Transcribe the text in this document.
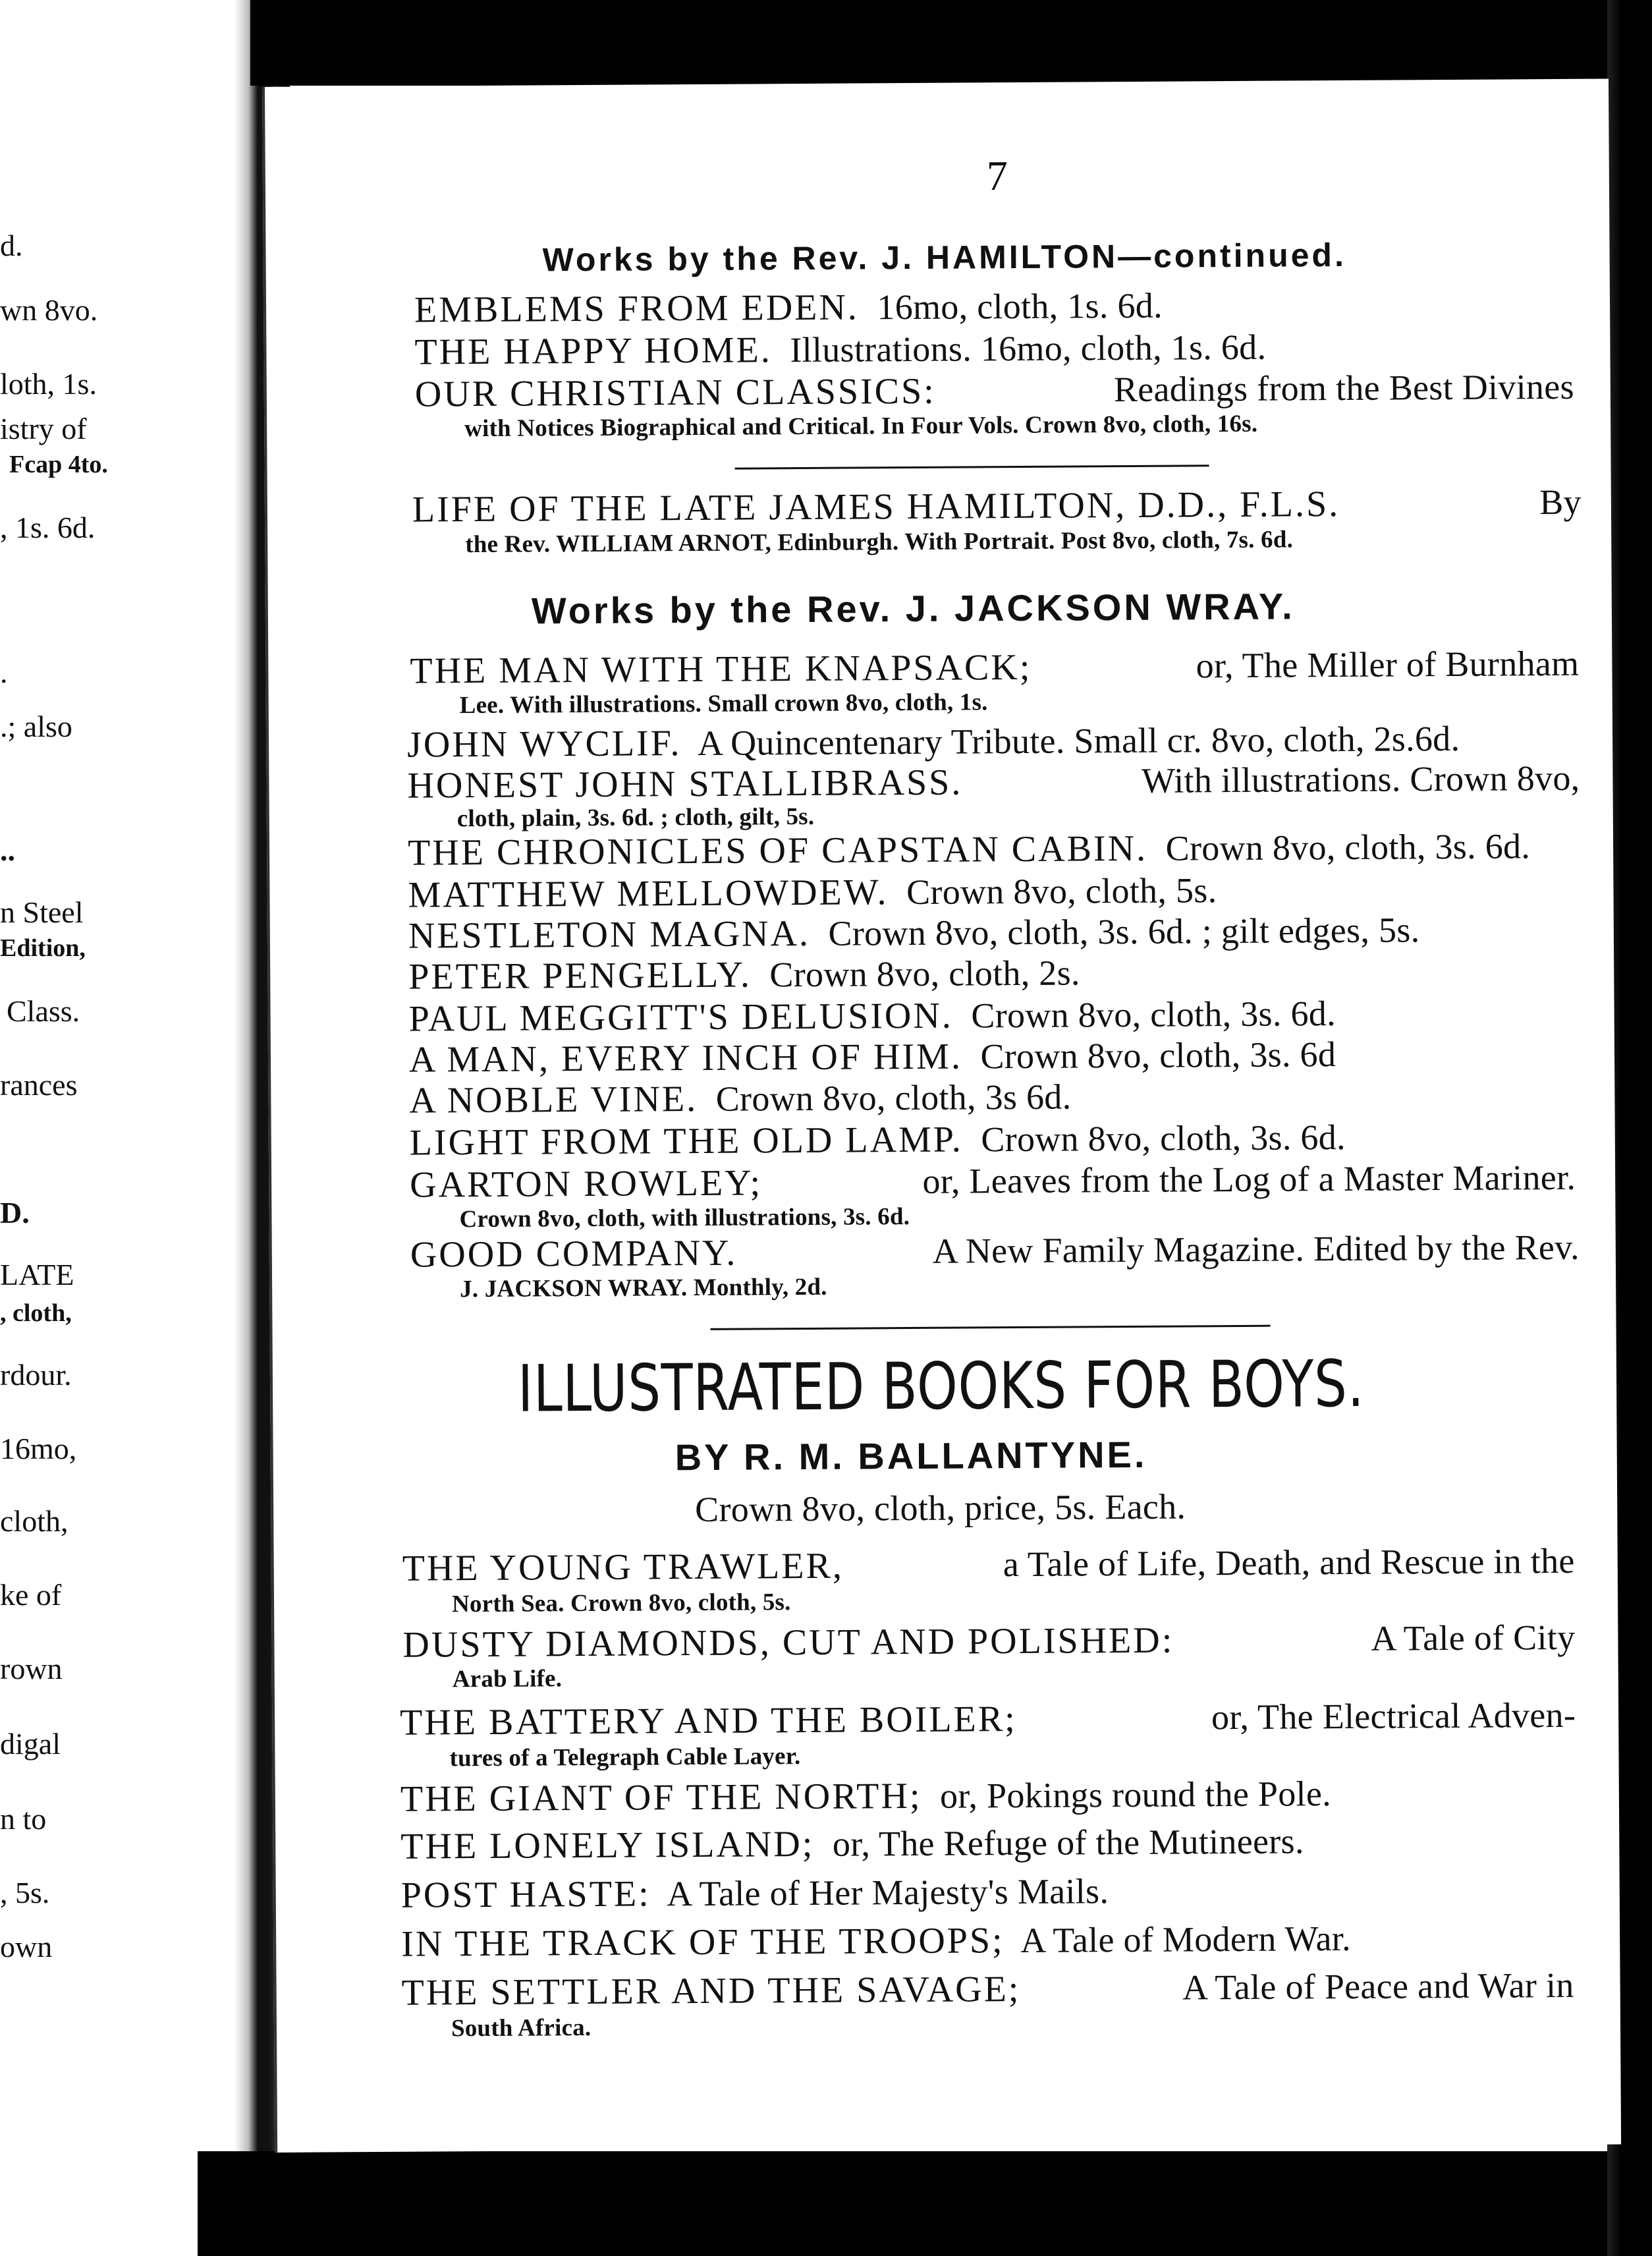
d.
wn 8vo.
loth, 1s.
istry of
Fcap 4to.
, 1s. 6d.
.
.; also
..
n Steel
Edition,
Class.
rances
D.
LATE
, cloth,
rdour.
16mo,
cloth,
ke of
rown
digal
n to
, 5s.
own
7
Works by the Rev. J. HAMILTON—continued.
EMBLEMS FROM EDEN. 16mo, cloth, 1s. 6d.
THE HAPPY HOME. Illustrations. 16mo, cloth, 1s. 6d.
OUR CHRISTIAN CLASSICS:	Readings from the Best Divines
with Notices Biographical and Critical. In Four Vols. Crown 8vo, cloth, 16s.
LIFE OF THE LATE JAMES HAMILTON, D.D., F.L.S.	By
the Rev. WILLIAM ARNOT, Edinburgh. With Portrait. Post 8vo, cloth, 7s. 6d.
Works by the Rev. J. JACKSON WRAY.
THE MAN WITH THE KNAPSACK;	or, The Miller of Burnham
Lee. With illustrations. Small crown 8vo, cloth, 1s.
JOHN WYCLIF. A Quincentenary Tribute. Small cr. 8vo, cloth, 2s.6d.
HONEST JOHN STALLIBRASS.	With illustrations. Crown 8vo,
cloth, plain, 3s. 6d. ; cloth, gilt, 5s.
THE CHRONICLES OF CAPSTAN CABIN. Crown 8vo, cloth, 3s. 6d.
MATTHEW MELLOWDEW. Crown 8vo, cloth, 5s.
NESTLETON MAGNA. Crown 8vo, cloth, 3s. 6d. ; gilt edges, 5s.
PETER PENGELLY. Crown 8vo, cloth, 2s.
PAUL MEGGITT'S DELUSION. Crown 8vo, cloth, 3s. 6d.
A MAN, EVERY INCH OF HIM. Crown 8vo, cloth, 3s. 6d
A NOBLE VINE. Crown 8vo, cloth, 3s 6d.
LIGHT FROM THE OLD LAMP. Crown 8vo, cloth, 3s. 6d.
GARTON ROWLEY;	or, Leaves from the Log of a Master Mariner.
Crown 8vo, cloth, with illustrations, 3s. 6d.
GOOD COMPANY.	A New Family Magazine. Edited by the Rev.
J. JACKSON WRAY. Monthly, 2d.
ILLUSTRATED BOOKS FOR BOYS.
BY R. M. BALLANTYNE.
Crown 8vo, cloth, price, 5s. Each.
THE YOUNG TRAWLER,	a Tale of Life, Death, and Rescue in the
North Sea. Crown 8vo, cloth, 5s.
DUSTY DIAMONDS, CUT AND POLISHED:	A Tale of City
Arab Life.
THE BATTERY AND THE BOILER;	or, The Electrical Adven-
tures of a Telegraph Cable Layer.
THE GIANT OF THE NORTH; or, Pokings round the Pole.
THE LONELY ISLAND; or, The Refuge of the Mutineers.
POST HASTE: A Tale of Her Majesty's Mails.
IN THE TRACK OF THE TROOPS; A Tale of Modern War.
THE SETTLER AND THE SAVAGE;	A Tale of Peace and War in
South Africa.
